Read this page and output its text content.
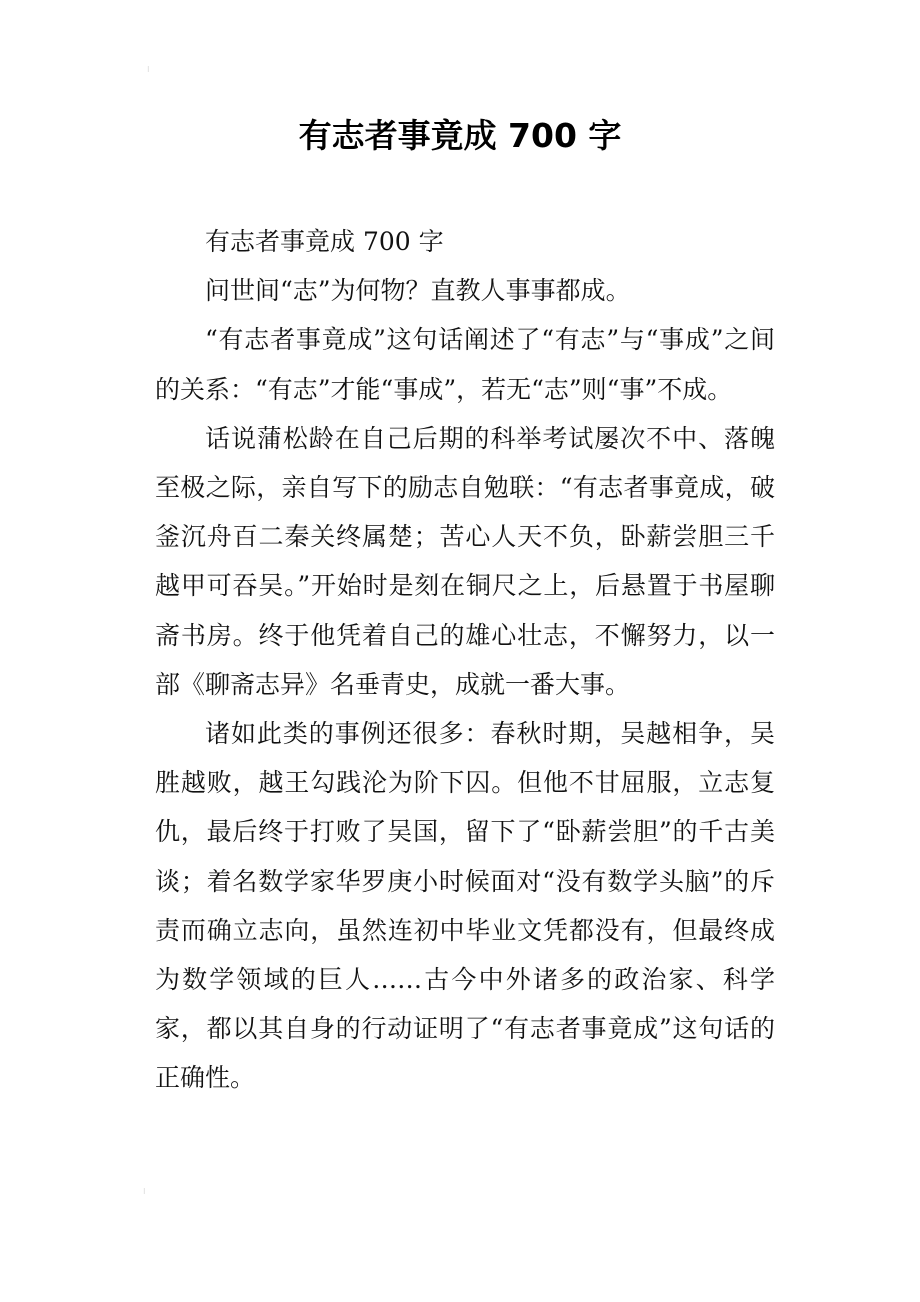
⁝
有志者事竟成 700 字

有志者事竟成 700 字

问世间“志”为何物？直教人事事都成。

“有志者事竟成”这句话阐述了“有志”与“事成”之间的关系：“有志”才能“事成”，若无“志”则“事”不成。

话说蒲松龄在自己后期的科举考试屡次不中、落魄至极之际，亲自写下的励志自勉联：“有志者事竟成，破釜沉舟百二秦关终属楚；苦心人天不负，卧薪尝胆三千越甲可吞吴。”开始时是刻在铜尺之上，后悬置于书屋聊斋书房。终于他凭着自己的雄心壮志，不懈努力，以一部《聊斋志异》名垂青史，成就一番大事。

诸如此类的事例还很多：春秋时期，吴越相争，吴胜越败，越王勾践沦为阶下囚。但他不甘屈服，立志复仇，最后终于打败了吴国，留下了“卧薪尝胆”的千古美谈；着名数学家华罗庚小时候面对“没有数学头脑”的斥责而确立志向，虽然连初中毕业文凭都没有，但最终成为数学领域的巨人……古今中外诸多的政治家、科学家，都以其自身的行动证明了“有志者事竟成”这句话的正确性。

⁝
